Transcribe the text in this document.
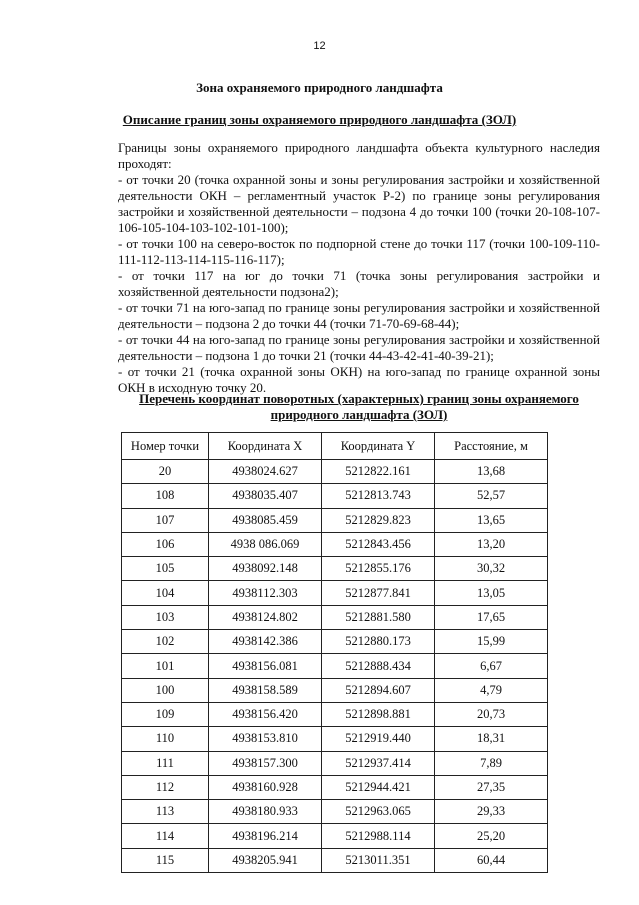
12
Зона охраняемого природного ландшафта
Описание границ зоны охраняемого природного ландшафта (ЗОЛ)

Границы зоны охраняемого природного ландшафта объекта культурного наследия проходят:

- от точки 20 (точка охранной зоны и зоны регулирования застройки и хозяйственной деятельности ОКН – регламентный участок Р-2) по границе зоны регулирования застройки и хозяйственной деятельности – подзона 4 до точки 100 (точки 20-108-107-106-105-104-103-102-101-100);

- от точки 100 на северо-восток по подпорной стене до точки 117 (точки 100-109-110-111-112-113-114-115-116-117);

- от точки 117 на юг до точки 71 (точка зоны регулирования застройки и хозяйственной деятельности подзона2);

- от точки 71 на юго-запад по границе зоны регулирования застройки и хозяйственной деятельности – подзона 2 до точки 44 (точки 71-70-69-68-44);

- от точки 44 на юго-запад по границе зоны регулирования застройки и хозяйственной деятельности – подзона 1 до точки 21 (точки 44-43-42-41-40-39-21);

- от точки 21 (точка охранной зоны ОКН) на юго-запад по границе охранной зоны ОКН в исходную точку 20.

Перечень координат поворотных (характерных) границ зоны охраняемого природного ландшафта (ЗОЛ)
Номер точки	Координата X	Координата Y	Расстояние, м
20	4938024.627	5212822.161	13,68
108	4938035.407	5212813.743	52,57
107	4938085.459	5212829.823	13,65
106	4938 086.069	5212843.456	13,20
105	4938092.148	5212855.176	30,32
104	4938112.303	5212877.841	13,05
103	4938124.802	5212881.580	17,65
102	4938142.386	5212880.173	15,99
101	4938156.081	5212888.434	6,67
100	4938158.589	5212894.607	4,79
109	4938156.420	5212898.881	20,73
110	4938153.810	5212919.440	18,31
111	4938157.300	5212937.414	7,89
112	4938160.928	5212944.421	27,35
113	4938180.933	5212963.065	29,33
114	4938196.214	5212988.114	25,20
115	4938205.941	5213011.351	60,44
